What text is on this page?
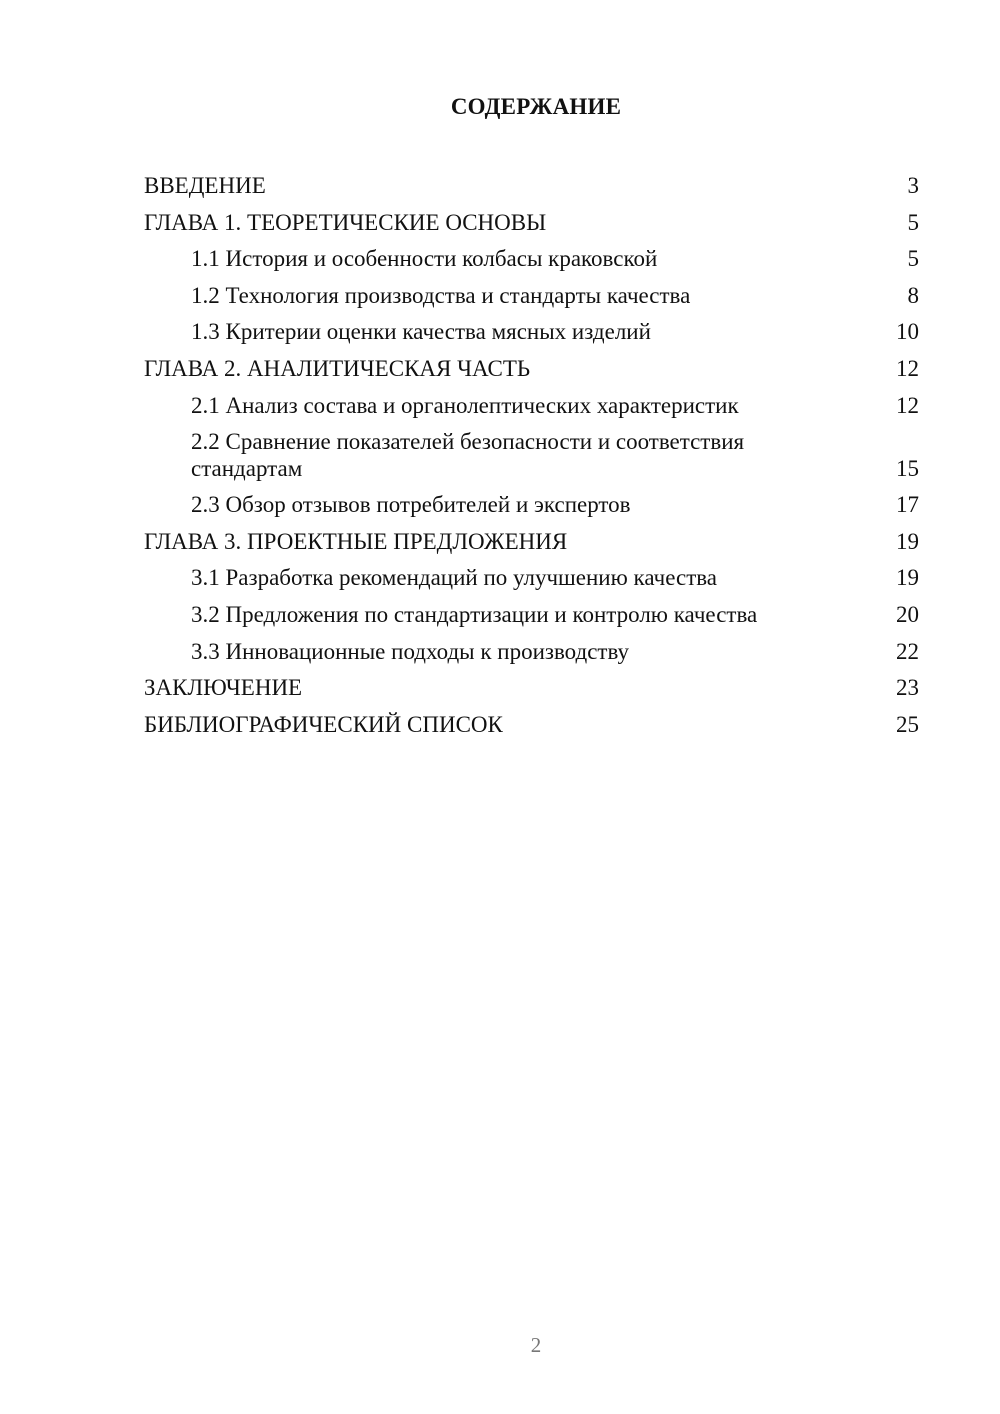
СОДЕРЖАНИЕ
ВВЕДЕНИЕ	3
ГЛАВА 1. ТЕОРЕТИЧЕСКИЕ ОСНОВЫ	5
1.1 История и особенности колбасы краковской	5
1.2 Технология производства и стандарты качества	8
1.3 Критерии оценки качества мясных изделий	10
ГЛАВА 2. АНАЛИТИЧЕСКАЯ ЧАСТЬ	12
2.1 Анализ состава и органолептических характеристик	12
2.2 Сравнение показателей безопасности и соответствия стандартам	15
2.3 Обзор отзывов потребителей и экспертов	17
ГЛАВА 3. ПРОЕКТНЫЕ ПРЕДЛОЖЕНИЯ	19
3.1 Разработка рекомендаций по улучшению качества	19
3.2 Предложения по стандартизации и контролю качества	20
3.3 Инновационные подходы к производству	22
ЗАКЛЮЧЕНИЕ	23
БИБЛИОГРАФИЧЕСКИЙ СПИСОК	25
2
